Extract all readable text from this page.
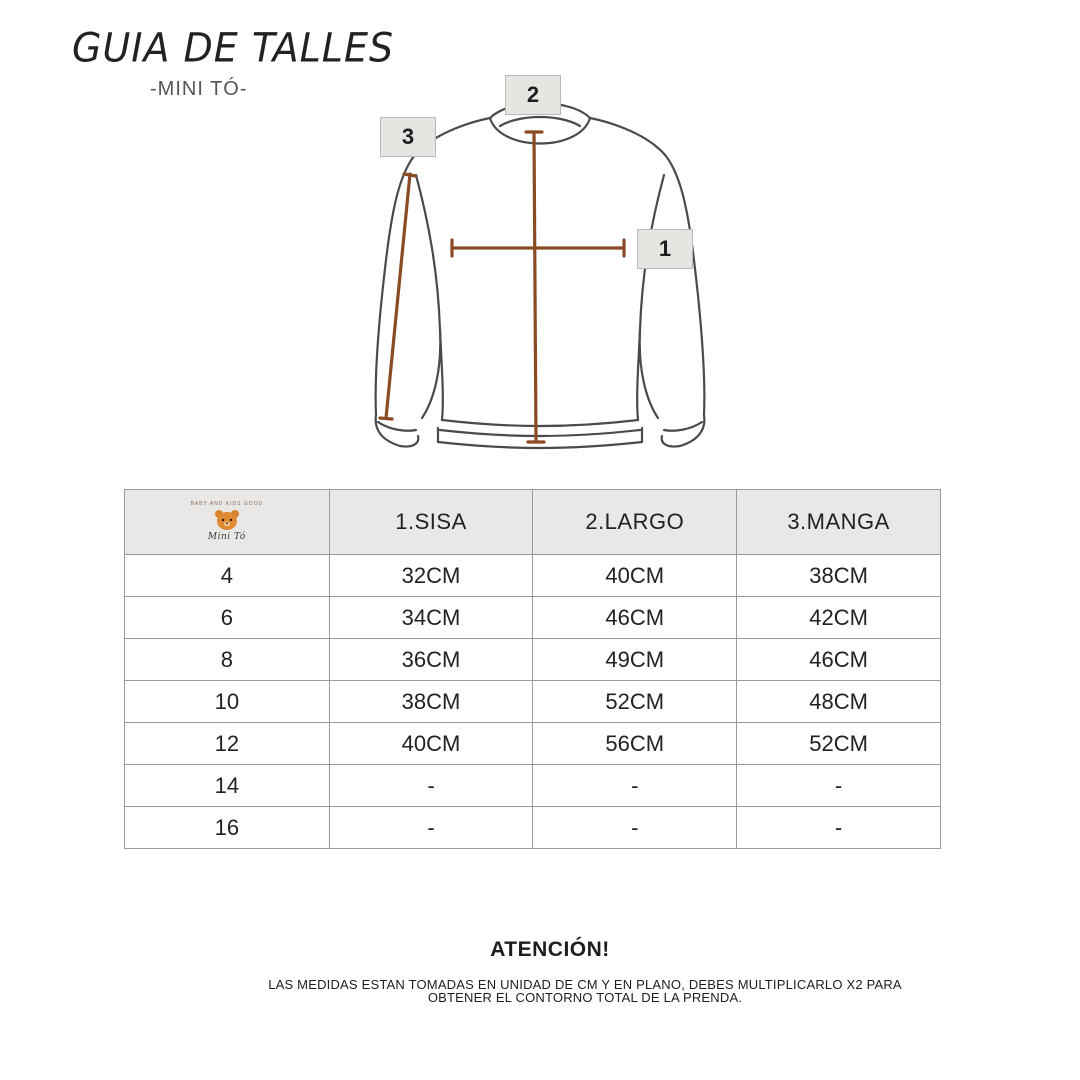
GUIA DE TALLES
-MINI TÓ-
1
2
3
BABY AND KIDS GOOD
Mini Tó	1.SISA	2.LARGO	3.MANGA
4	32CM	40CM	38CM
6	34CM	46CM	42CM
8	36CM	49CM	46CM
10	38CM	52CM	48CM
12	40CM	56CM	52CM
14	-	-	-
16	-	-	-
ATENCIÓN!
LAS MEDIDAS ESTAN TOMADAS EN UNIDAD DE CM Y EN PLANO, DEBES MULTIPLICARLO X2 PARA
OBTENER EL CONTORNO TOTAL DE LA PRENDA.
